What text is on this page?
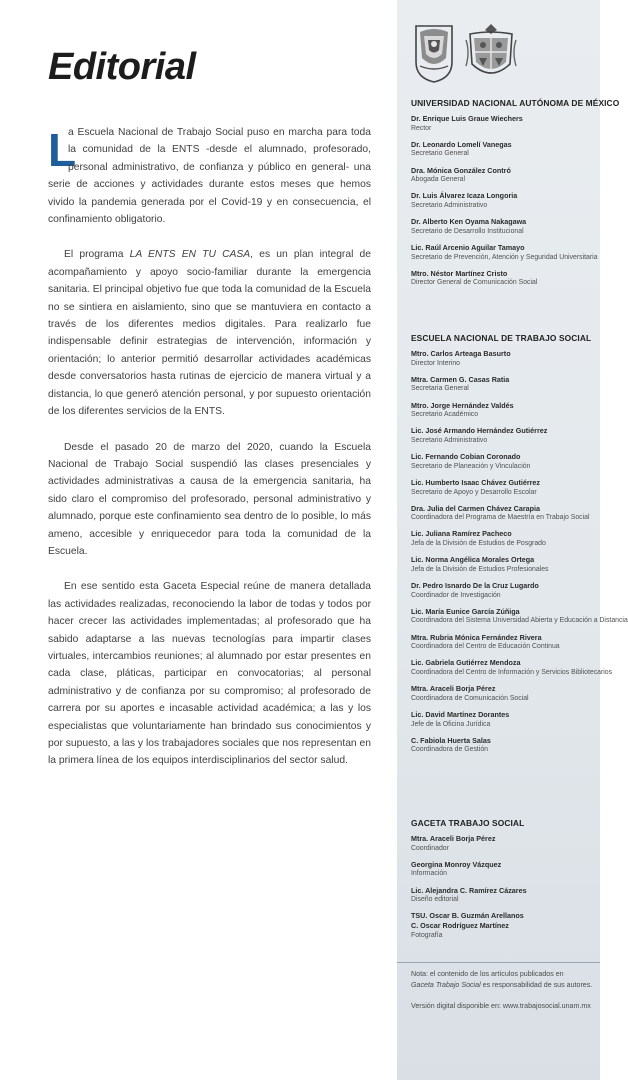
Editorial

L
a Escuela Nacional de Trabajo Social puso en marcha para toda la comunidad de la ENTS -desde el alumnado, profesorado, personal administrativo, de confianza y público en general- una serie de acciones y actividades durante estos meses que hemos vivido la pandemia generada por el Covid-19 y en consecuencia, el confinamiento obligatorio.

El programa LA ENTS EN TU CASA, es un plan integral de acompañamiento y apoyo socio-familiar durante la emergencia sanitaria. El principal objetivo fue que toda la comunidad de la Escuela no se sintiera en aislamiento, sino que se mantuviera en contacto a través de los diferentes medios digitales. Para realizarlo fue indispensable definir estrategias de intervención, información y orientación; lo anterior permitió desarrollar actividades académicas desde conversatorios hasta rutinas de ejercicio de manera virtual y a distancia, lo que generó atención personal, y por supuesto orientación de los diferentes servicios de la ENTS.

Desde el pasado 20 de marzo del 2020, cuando la Escuela Nacional de Trabajo Social suspendió las clases presenciales y actividades administrativas a causa de la emergencia sanitaria, ha sido claro el compromiso del profesorado, personal administrativo y alumnado, porque este confinamiento sea dentro de lo posible, lo más ameno, accesible y enriquecedor para toda la comunidad de la Escuela.

En ese sentido esta Gaceta Especial reúne de manera detallada las actividades realizadas, reconociendo la labor de todas y todos por hacer crecer las actividades implementadas; al profesorado que ha sabido adaptarse a las nuevas tecnologías para impartir clases virtuales, intercambios reuniones; al alumnado por estar presentes en cada clase, pláticas, participar en convocatorias; al personal administrativo y de confianza por su compromiso; al profesorado de carrera por su aportes e incasable actividad académica; a las y los especialistas que voluntariamente han brindado sus conocimientos y por supuesto, a las y los trabajadores sociales que nos representan en la primera línea de los equipos interdisciplinarios del sector salud.

UNIVERSIDAD NACIONAL AUTÓNOMA DE MÉXICO
Dr. Enrique Luis Graue Wiechers
Rector
Dr. Leonardo Lomelí Vanegas
Secretario General
Dra. Mónica González Contró
Abogada General
Dr. Luis Álvarez Icaza Longoria
Secretario Administrativo
Dr. Alberto Ken Oyama Nakagawa
Secretario de Desarrollo Institucional
Lic. Raúl Arcenio Aguilar Tamayo
Secretario de Prevención, Atención y Seguridad Universitaria
Mtro. Néstor Martínez Cristo
Director General de Comunicación Social
ESCUELA NACIONAL DE TRABAJO SOCIAL
Mtro. Carlos Arteaga Basurto
Director Interino
Mtra. Carmen G. Casas Ratia
Secretaria General
Mtro. Jorge Hernández Valdés
Secretario Académico
Lic. José Armando Hernández Gutiérrez
Secretario Administrativo
Lic. Fernando Cobian Coronado
Secretario de Planeación y Vinculación
Lic. Humberto Isaac Chávez Gutiérrez
Secretario de Apoyo y Desarrollo Escolar
Dra. Julia del Carmen Chávez Carapia
Coordinadora del Programa de Maestría en Trabajo Social
Lic. Juliana Ramírez Pacheco
Jefa de la División de Estudios de Posgrado
Lic. Norma Angélica Morales Ortega
Jefa de la División de Estudios Profesionales
Dr. Pedro Isnardo De la Cruz Lugardo
Coordinador de Investigación
Lic. María Eunice García Zúñiga
Coordinadora del Sistema Universidad Abierta y Educación a Distancia
Mtra. Rubria Mónica Fernández Rivera
Coordinadora del Centro de Educación Continua
Lic. Gabriela Gutiérrez Mendoza
Coordinadora del Centro de Información y Servicios Bibliotecarios
Mtra. Araceli Borja Pérez
Coordinadora de Comunicación Social
Lic. David Martínez Dorantes
Jefe de la Oficina Jurídica
C. Fabiola Huerta Salas
Coordinadora de Gestión
GACETA TRABAJO SOCIAL
Mtra. Araceli Borja Pérez
Coordinador
Georgina Monroy Vázquez
Información
Lic. Alejandra C. Ramírez Cázares
Diseño editorial
TSU. Oscar B. Guzmán Arellanos
C. Oscar Rodríguez Martínez
Fotografía
Nota: el contenido de los artículos publicados en
Gaceta Trabajo Social es responsabilidad de sus autores.
Versión digital disponible en: www.trabajosocial.unam.mx
